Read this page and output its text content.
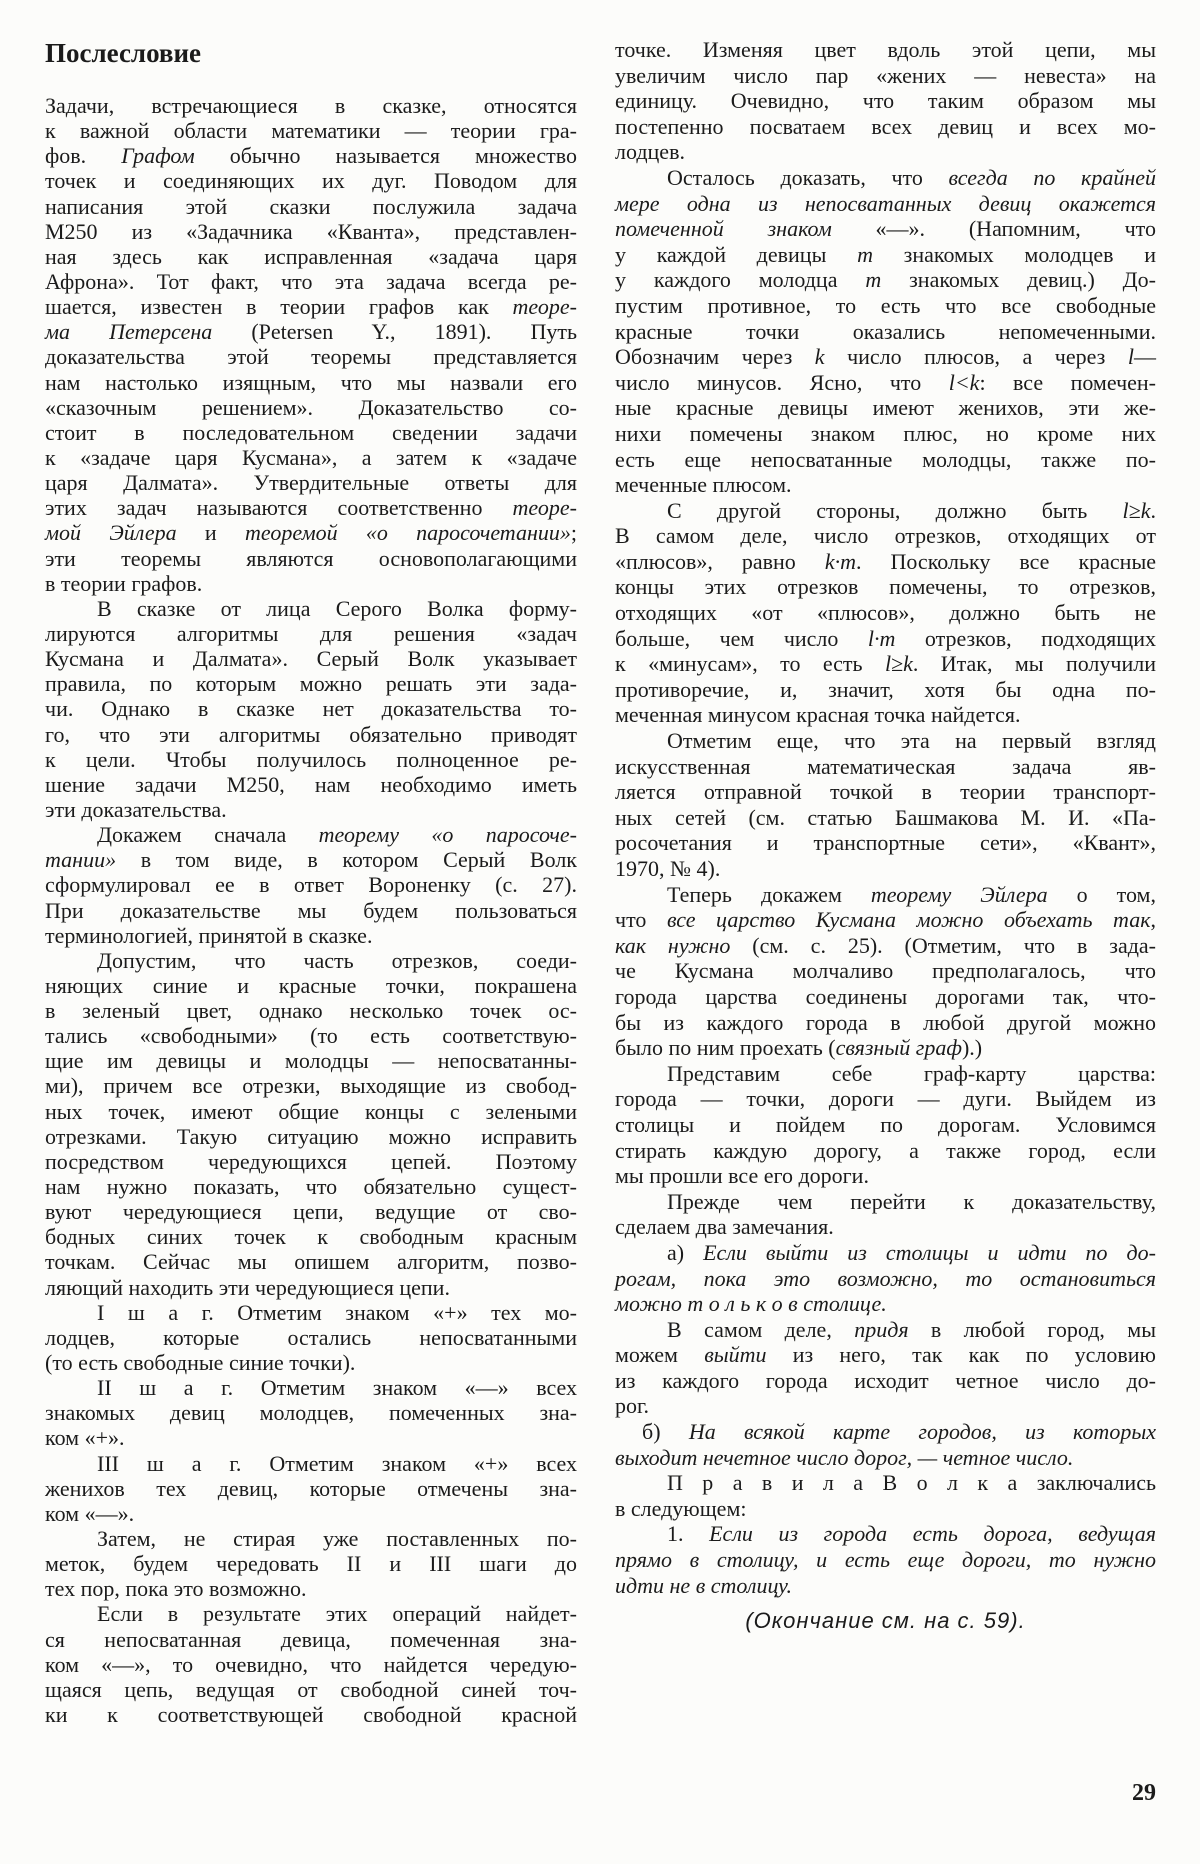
Послесловие
Задачи, встречающиеся в сказке, относятся
к важной области математики — теории гра-
фов. Графом обычно называется множество
точек и соединяющих их дуг. Поводом для
написания этой сказки послужила задача
М250 из «Задачника «Кванта», представлен-
ная здесь как исправленная «задача царя
Афрона». Тот факт, что эта задача всегда ре-
шается, известен в теории графов как теоре-
ма Петерсена (Petersen Y., 1891). Путь
доказательства этой теоремы представляется
нам настолько изящным, что мы назвали его
«сказочным решением». Доказательство со-
стоит в последовательном сведении задачи
к «задаче царя Кусмана», а затем к «задаче
царя Далмата». Утвердительные ответы для
этих задач называются соответственно теоре-
мой Эйлера и теоремой «о паросочетании»;
эти теоремы являются основополагающими
в теории графов.
В сказке от лица Серого Волка форму-
лируются алгоритмы для решения «задач
Кусмана и Далмата». Серый Волк указывает
правила, по которым можно решать эти зада-
чи. Однако в сказке нет доказательства то-
го, что эти алгоритмы обязательно приводят
к цели. Чтобы получилось полноценное ре-
шение задачи М250, нам необходимо иметь
эти доказательства.
Докажем сначала теорему «о паросоче-
тании» в том виде, в котором Серый Волк
сформулировал ее в ответ Вороненку (с. 27).
При доказательстве мы будем пользоваться
терминологией, принятой в сказке.
Допустим, что часть отрезков, соеди-
няющих синие и красные точки, покрашена
в зеленый цвет, однако несколько точек ос-
тались «свободными» (то есть соответствую-
щие им девицы и молодцы — непосватанны-
ми), причем все отрезки, выходящие из свобод-
ных точек, имеют общие концы с зелеными
отрезками. Такую ситуацию можно исправить
посредством чередующихся цепей. Поэтому
нам нужно показать, что обязательно сущест-
вуют чередующиеся цепи, ведущие от сво-
бодных синих точек к свободным красным
точкам. Сейчас мы опишем алгоритм, позво-
ляющий находить эти чередующиеся цепи.
I ш а г. Отметим знаком «+» тех мо-
лодцев, которые остались непосватанными
(то есть свободные синие точки).
II ш а г. Отметим знаком «—» всех
знакомых девиц молодцев, помеченных зна-
ком «+».
III ш а г. Отметим знаком «+» всех
женихов тех девиц, которые отмечены зна-
ком «—».
Затем, не стирая уже поставленных по-
меток, будем чередовать II и III шаги до
тех пор, пока это возможно.
Если в результате этих операций найдет-
ся непосватанная девица, помеченная зна-
ком «—», то очевидно, что найдется чередую-
щаяся цепь, ведущая от свободной синей точ-
ки к соответствующей свободной красной
точке. Изменяя цвет вдоль этой цепи, мы
увеличим число пар «жених — невеста» на
единицу. Очевидно, что таким образом мы
постепенно посватаем всех девиц и всех мо-
лодцев.
Осталось доказать, что всегда по крайней
мере одна из непосватанных девиц окажется
помеченной знаком «—». (Напомним, что
у каждой девицы m знакомых молодцев и
у каждого молодца m знакомых девиц.) До-
пустим противное, то есть что все свободные
красные точки оказались непомеченными.
Обозначим через k число плюсов, а через l—
число минусов. Ясно, что l<k: все помечен-
ные красные девицы имеют женихов, эти же-
нихи помечены знаком плюс, но кроме них
есть еще непосватанные молодцы, также по-
меченные плюсом.
С другой стороны, должно быть l≥k.
В самом деле, число отрезков, отходящих от
«плюсов», равно k·m. Поскольку все красные
концы этих отрезков помечены, то отрезков,
отходящих «от «плюсов», должно быть не
больше, чем число l·m отрезков, подходящих
к «минусам», то есть l≥k. Итак, мы получили
противоречие, и, значит, хотя бы одна по-
меченная минусом красная точка найдется.
Отметим еще, что эта на первый взгляд
искусственная математическая задача яв-
ляется отправной точкой в теории транспорт-
ных сетей (см. статью Башмакова М. И. «Па-
росочетания и транспортные сети», «Квант»,
1970, № 4).
Теперь докажем теорему Эйлера о том,
что все царство Кусмана можно объехать так,
как нужно (см. с. 25). (Отметим, что в зада-
че Кусмана молчаливо предполагалось, что
города царства соединены дорогами так, что-
бы из каждого города в любой другой можно
было по ним проехать (связный граф).)
Представим себе граф-карту царства:
города — точки, дороги — дуги. Выйдем из
столицы и пойдем по дорогам. Условимся
стирать каждую дорогу, а также город, если
мы прошли все его дороги.
Прежде чем перейти к доказательству,
сделаем два замечания.
а) Если выйти из столицы и идти по до-
рогам, пока это возможно, то остановиться
можно т о л ь к о в столице.
В самом деле, придя в любой город, мы
можем выйти из него, так как по условию
из каждого города исходит четное число до-
рог.
б) На всякой карте городов, из которых
выходит нечетное число дорог, — четное число.
П р а в и л а В о л к а заключались
в следующем:
1. Если из города есть дорога, ведущая
прямо в столицу, и есть еще дороги, то нужно
идти не в столицу.
(Окончание см. на с. 59).
29
